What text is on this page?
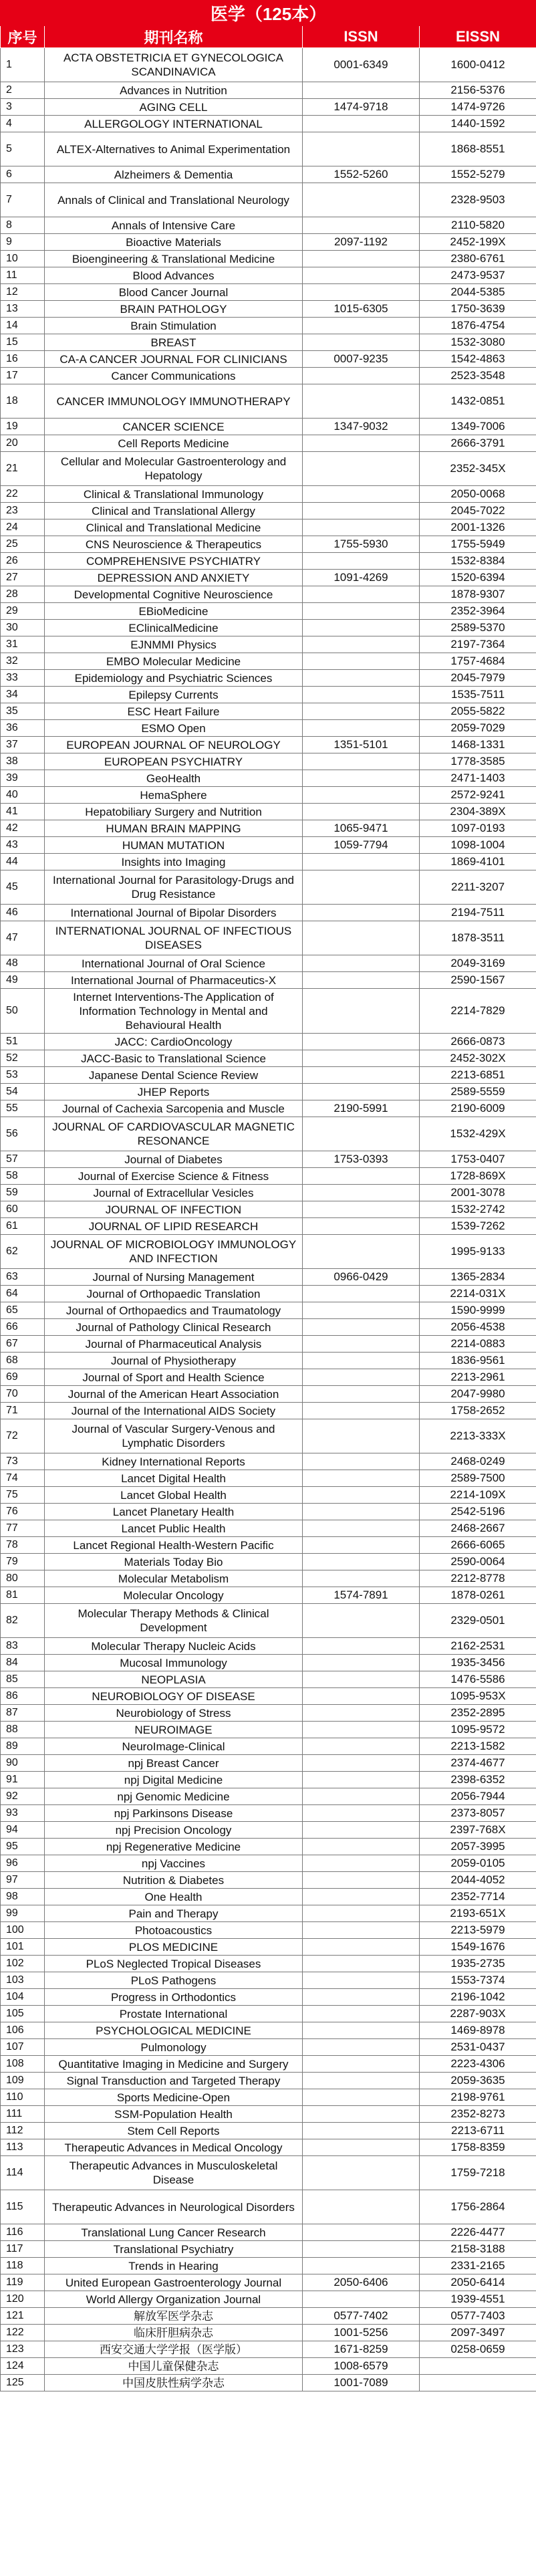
医学（125本）			
序号	期刊名称	ISSN	EISSN
1	ACTA OBSTETRICIA ET GYNECOLOGICA SCANDINAVICA	0001-6349	1600-0412
2	Advances in Nutrition		2156-5376
3	AGING CELL	1474-9718	1474-9726
4	ALLERGOLOGY INTERNATIONAL		1440-1592
5	ALTEX-Alternatives to Animal Experimentation		1868-8551
6	Alzheimers & Dementia	1552-5260	1552-5279
7	Annals of Clinical and Translational Neurology		2328-9503
8	Annals of Intensive Care		2110-5820
9	Bioactive Materials	2097-1192	2452-199X
10	Bioengineering & Translational Medicine		2380-6761
11	Blood Advances		2473-9537
12	Blood Cancer Journal		2044-5385
13	BRAIN PATHOLOGY	1015-6305	1750-3639
14	Brain Stimulation		1876-4754
15	BREAST		1532-3080
16	CA-A CANCER JOURNAL FOR CLINICIANS	0007-9235	1542-4863
17	Cancer Communications		2523-3548
18	CANCER IMMUNOLOGY IMMUNOTHERAPY		1432-0851
19	CANCER SCIENCE	1347-9032	1349-7006
20	Cell Reports Medicine		2666-3791
21	Cellular and Molecular Gastroenterology and Hepatology		2352-345X
22	Clinical & Translational Immunology		2050-0068
23	Clinical and Translational Allergy		2045-7022
24	Clinical and Translational Medicine		2001-1326
25	CNS Neuroscience & Therapeutics	1755-5930	1755-5949
26	COMPREHENSIVE PSYCHIATRY		1532-8384
27	DEPRESSION AND ANXIETY	1091-4269	1520-6394
28	Developmental Cognitive Neuroscience		1878-9307
29	EBioMedicine		2352-3964
30	EClinicalMedicine		2589-5370
31	EJNMMI Physics		2197-7364
32	EMBO Molecular Medicine		1757-4684
33	Epidemiology and Psychiatric Sciences		2045-7979
34	Epilepsy Currents		1535-7511
35	ESC Heart Failure		2055-5822
36	ESMO Open		2059-7029
37	EUROPEAN JOURNAL OF NEUROLOGY	1351-5101	1468-1331
38	EUROPEAN PSYCHIATRY		1778-3585
39	GeoHealth		2471-1403
40	HemaSphere		2572-9241
41	Hepatobiliary Surgery and Nutrition		2304-389X
42	HUMAN BRAIN MAPPING	1065-9471	1097-0193
43	HUMAN MUTATION	1059-7794	1098-1004
44	Insights into Imaging		1869-4101
45	International Journal for Parasitology-Drugs and Drug Resistance		2211-3207
46	International Journal of Bipolar Disorders		2194-7511
47	INTERNATIONAL JOURNAL OF INFECTIOUS DISEASES		1878-3511
48	International Journal of Oral Science		2049-3169
49	International Journal of Pharmaceutics-X		2590-1567
50	Internet Interventions-The Application of Information Technology in Mental and Behavioural Health		2214-7829
51	JACC: CardioOncology		2666-0873
52	JACC-Basic to Translational Science		2452-302X
53	Japanese Dental Science Review		2213-6851
54	JHEP Reports		2589-5559
55	Journal of Cachexia Sarcopenia and Muscle	2190-5991	2190-6009
56	JOURNAL OF CARDIOVASCULAR MAGNETIC RESONANCE		1532-429X
57	Journal of Diabetes	1753-0393	1753-0407
58	Journal of Exercise Science & Fitness		1728-869X
59	Journal of Extracellular Vesicles		2001-3078
60	JOURNAL OF INFECTION		1532-2742
61	JOURNAL OF LIPID RESEARCH		1539-7262
62	JOURNAL OF MICROBIOLOGY IMMUNOLOGY AND INFECTION		1995-9133
63	Journal of Nursing Management	0966-0429	1365-2834
64	Journal of Orthopaedic Translation		2214-031X
65	Journal of Orthopaedics and Traumatology		1590-9999
66	Journal of Pathology Clinical Research		2056-4538
67	Journal of Pharmaceutical Analysis		2214-0883
68	Journal of Physiotherapy		1836-9561
69	Journal of Sport and Health Science		2213-2961
70	Journal of the American Heart Association		2047-9980
71	Journal of the International AIDS Society		1758-2652
72	Journal of Vascular Surgery-Venous and Lymphatic Disorders		2213-333X
73	Kidney International Reports		2468-0249
74	Lancet Digital Health		2589-7500
75	Lancet Global Health		2214-109X
76	Lancet Planetary Health		2542-5196
77	Lancet Public Health		2468-2667
78	Lancet Regional Health-Western Pacific		2666-6065
79	Materials Today Bio		2590-0064
80	Molecular Metabolism		2212-8778
81	Molecular Oncology	1574-7891	1878-0261
82	Molecular Therapy Methods & Clinical Development		2329-0501
83	Molecular Therapy Nucleic Acids		2162-2531
84	Mucosal Immunology		1935-3456
85	NEOPLASIA		1476-5586
86	NEUROBIOLOGY OF DISEASE		1095-953X
87	Neurobiology of Stress		2352-2895
88	NEUROIMAGE		1095-9572
89	NeuroImage-Clinical		2213-1582
90	npj Breast Cancer		2374-4677
91	npj Digital Medicine		2398-6352
92	npj Genomic Medicine		2056-7944
93	npj Parkinsons Disease		2373-8057
94	npj Precision Oncology		2397-768X
95	npj Regenerative Medicine		2057-3995
96	npj Vaccines		2059-0105
97	Nutrition & Diabetes		2044-4052
98	One Health		2352-7714
99	Pain and Therapy		2193-651X
100	Photoacoustics		2213-5979
101	PLOS MEDICINE		1549-1676
102	PLoS Neglected Tropical Diseases		1935-2735
103	PLoS Pathogens		1553-7374
104	Progress in Orthodontics		2196-1042
105	Prostate International		2287-903X
106	PSYCHOLOGICAL MEDICINE		1469-8978
107	Pulmonology		2531-0437
108	Quantitative Imaging in Medicine and Surgery		2223-4306
109	Signal Transduction and Targeted Therapy		2059-3635
110	Sports Medicine-Open		2198-9761
111	SSM-Population Health		2352-8273
112	Stem Cell Reports		2213-6711
113	Therapeutic Advances in Medical Oncology		1758-8359
114	Therapeutic Advances in Musculoskeletal Disease		1759-7218
115	Therapeutic Advances in Neurological Disorders		1756-2864
116	Translational Lung Cancer Research		2226-4477
117	Translational Psychiatry		2158-3188
118	Trends in Hearing		2331-2165
119	United European Gastroenterology Journal	2050-6406	2050-6414
120	World Allergy Organization Journal		1939-4551
121	解放军医学杂志	0577-7402	0577-7403
122	临床肝胆病杂志	1001-5256	2097-3497
123	西安交通大学学报（医学版）	1671-8259	0258-0659
124	中国儿童保健杂志	1008-6579	
125	中国皮肤性病学杂志	1001-7089	
